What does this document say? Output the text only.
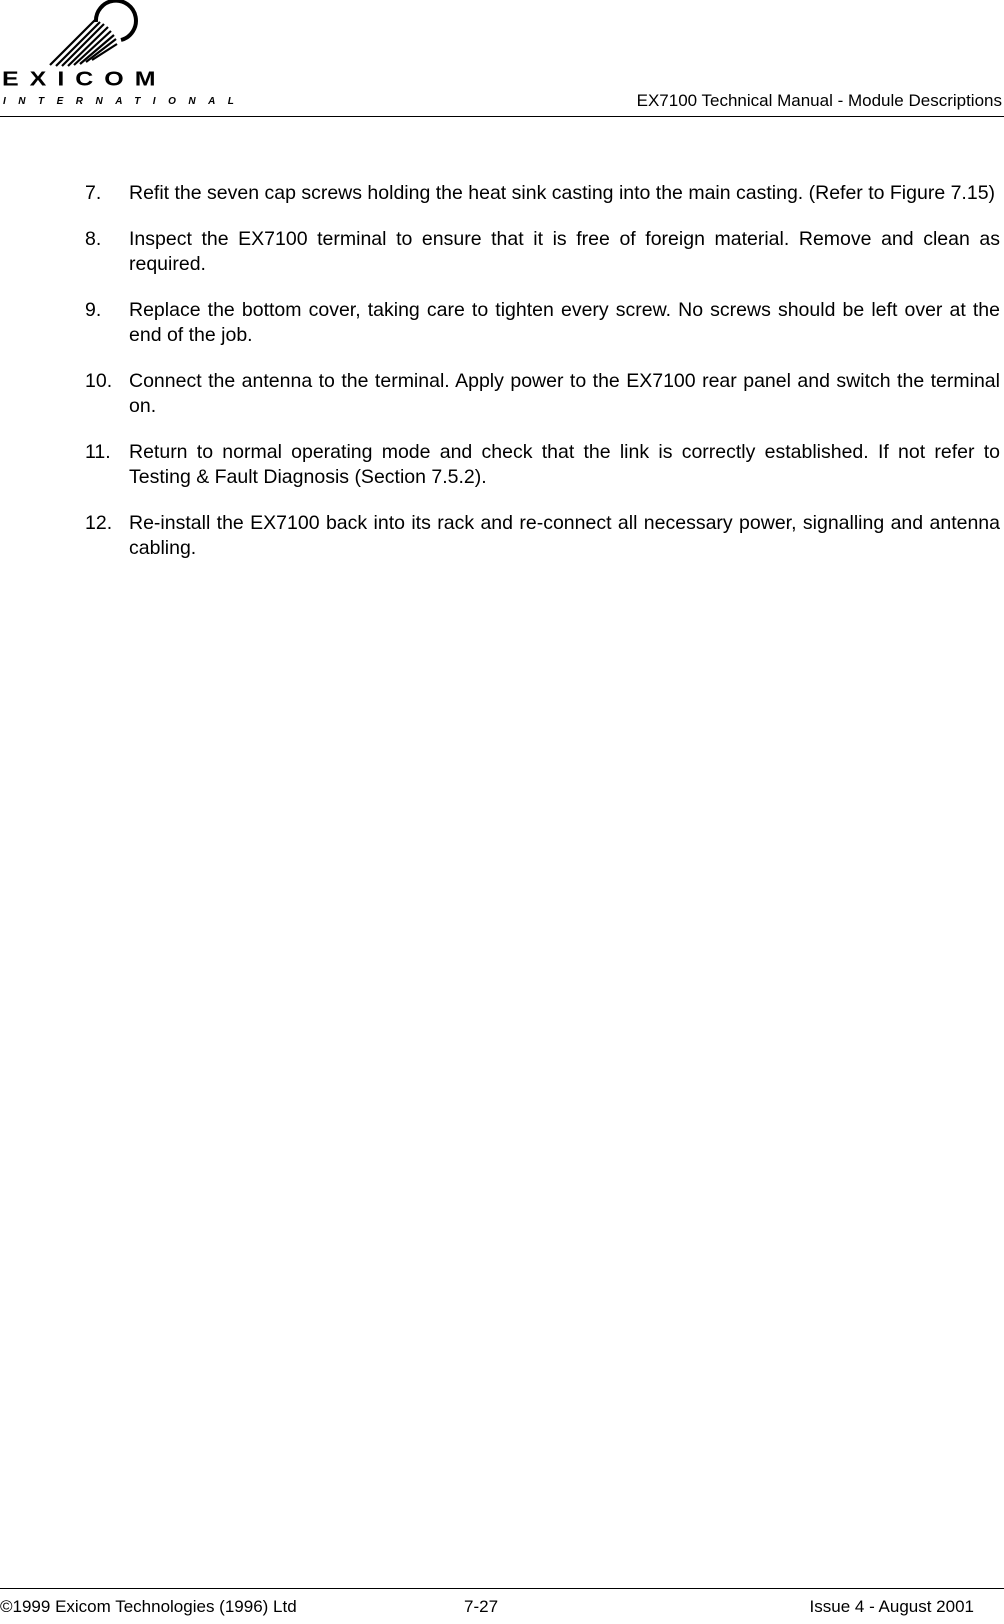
EXICOM
INTERNATIONAL	EX7100 Technical Manual - Module Descriptions
7. Refit the seven cap screws holding the heat sink casting into the main casting. (Refer to Figure 7.15)
8. Inspect the EX7100 terminal to ensure that it is free of foreign material. Remove and clean as required.
9. Replace the bottom cover, taking care to tighten every screw. No screws should be left over at the end of the job.
10. Connect the antenna to the terminal. Apply power to the EX7100 rear panel and switch the terminal on.
11. Return to normal operating mode and check that the link is correctly established. If not refer to Testing & Fault Diagnosis (Section 7.5.2).
12. Re-install the EX7100 back into its rack and re-connect all necessary power, signalling and antenna cabling.
©1999 Exicom Technologies (1996) Ltd	7-27	Issue 4 - August 2001
